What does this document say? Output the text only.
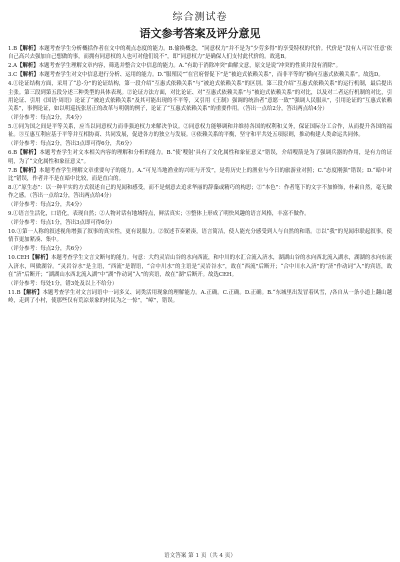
综合测试卷
语文参考答案及评分意见

1.B【解析】本题考查学生分析概括作者在文中的观点态度的能力。B.偷换概念，“同意权力”并不是为“少劳多得”的享受特权的代价。代价是“没有人可以‘任意’依自己高兴去强加自己想做的事，而拥有同意权的人也可对他们说不”，即“同意权力”是确保人们支付此代价的。故选B。

2.A【解析】本题考查学生理解文章内容，筛选并整合文中信息的能力。A.“有助于消除冲突”曲解文意，原文是说“冲突的性质并没有消除”。

3.C【解析】本题考查学生对文中信息进行分析、运用的能力。D.“服殖民”“在官府督促下”是“被迫式依赖关系”，而非平等的“横向互惠式依赖关系”。故选D。

4.①论证结构方面，采用了“总-分”的论证结构，第一段介绍“互惠式依赖关系”与“被迫式依赖关系”的区别。第三段介绍“互惠式依赖关系”的运行机制，最后提出主张。第三段到第五段分述三种类型的具体表现。②论证方法方面，对比论证、对“互惠式依赖关系”与“被迫式依赖关系”的对比，以及对二者运行机制的对比，引用论证、引用《国语·周语》论证了“被迫式依赖关系”及其可能出现的不平等，又引用《王制》强调的统治者“意愿一致”“强调人民服从”，引用论证的“互惠式依赖关系”，事例论证，如以明巡抚张居正的改革与明朝的例子，论证了“互惠式依赖关系”的重要作用。（答出一点给2分，答出两点给4分）

（评分参考：每点2分，共4分）

5.①同为国之间是平等关系，应当以同意权力而非强迫权力来解决争议。②同意权力能够调和并维持各国的权利和义务，保证国际分工合作，从而提升各国的福祉。③互惠互利应基于平等并互相协商、共同发展，促进各方的独立与发展。④依赖关系的平衡，坚守和平共处五项原则，推动构建人类命运共同体。

（评分参考：每点2分，答出3点即可得6分，共6分）

6.B【解析】本题考查学生对文本相关内容的理解和分析的能力。B.“使‘嗖射’具有了文化属性和象征意义”错误，介绍嗖箭是为了强调兵器的作用，是有力的证明，为了“文化属性和象征意义”。

7.B【解析】本题考查学生理解文章重要句子的能力。A.“可见当地渔业的兴旺与开发”，是将历史上的渔业与今日的旅游业对照；C.“态度刚强”错误；D.“暗中对比”错误，作者并不是在暗中比较，而是直白的。

8.①“原生态”：以一种平实的方式叙述自己的见闻和感受，而不是刻意去追求华丽的辞藻或精巧的构思；②“本色”：作者笔下的文字不加修饰，朴素自然，毫无做作之感。（答出一点给2分，答出两点给4分）

（评分参考：每点2分，共4分）

9.①语言生活化，口语化，表现自然；②人物对话有地域特点，鲜活真实；③整体上形成了明快风趣的语言风格，丰富不做作。

（评分参考：每点1分，答出3点即可得6分）

10.①第一人称的叙述视角增强了叙事的真实性，更有说服力。②叙述节奏紧凑，语言简洁，使人能充分感受到人与自然的和谐。②以“我”的见闻串联起叙事，使情节更加紧凑、集中。

（评分参考：每点2分，共6分）

10.CEH【解析】本题考查学生文言文断句的能力。句意：大约灵岩山谷的水向西流，和中川的水汇合流入济水，湖湖山谷的水向西北流入湖水，湖湖的水向东流入济水，叫做湖谷。“灵岩谷水”是主语，“西流”是谓语，“合中川水”的主语是“灵岩谷水”，故在“西流”后断开；“合中川水入济”的“济”作动词“入”的宾语，故在“济”后断开；“湖湖山水西北流入湖”中“湖”作动词“入”的宾语，故在“湖”后断开。故选CEH。

（评分参考：每处1分，错3处及以上不给分）

11.B【解析】本题考查学生对文言词语中一词多义、词类活用现象的理解能力。A.正确。C.正确。D.正确。B.“东城里出发冒着风雪，/各自从一条小道上翻山越岭，走到了小村，使那些仅有荒凉景象的村民为之一惊”，“嶂”，错误。

语文答案 第 1 页（共 4 页）
